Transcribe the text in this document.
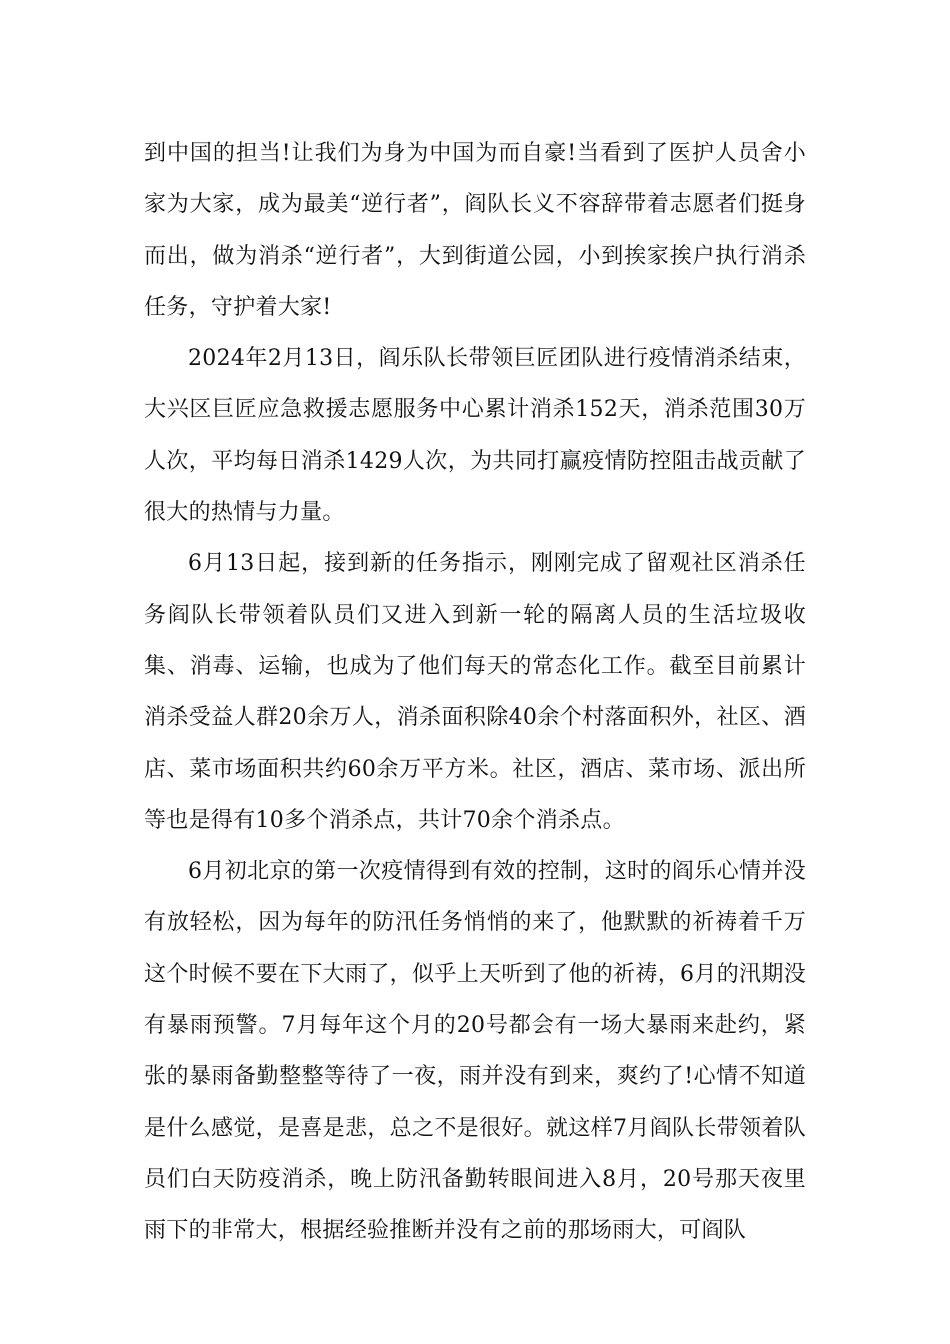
到中国的担当!让我们为身为中国为而自豪!当看到了医护人员舍小家为大家，成为最美“逆行者”，阎队长义不容辞带着志愿者们挺身而出，做为消杀“逆行者”，大到街道公园，小到挨家挨户执行消杀任务，守护着大家!

2024年2月13日，阎乐队长带领巨匠团队进行疫情消杀结束，大兴区巨匠应急救援志愿服务中心累计消杀152天，消杀范围30万人次，平均每日消杀1429人次，为共同打赢疫情防控阻击战贡献了很大的热情与力量。

6月13日起，接到新的任务指示，刚刚完成了留观社区消杀任务阎队长带领着队员们又进入到新一轮的隔离人员的生活垃圾收集、消毒、运输，也成为了他们每天的常态化工作。截至目前累计消杀受益人群20余万人，消杀面积除40余个村落面积外，社区、酒店、菜市场面积共约60余万平方米。社区，酒店、菜市场、派出所等也是得有10多个消杀点，共计70余个消杀点。

6月初北京的第一次疫情得到有效的控制，这时的阎乐心情并没有放轻松，因为每年的防汛任务悄悄的来了，他默默的祈祷着千万这个时候不要在下大雨了，似乎上天听到了他的祈祷，6月的汛期没有暴雨预警。7月每年这个月的20号都会有一场大暴雨来赴约，紧张的暴雨备勤整整等待了一夜，雨并没有到来，爽约了!心情不知道是什么感觉，是喜是悲，总之不是很好。就这样7月阎队长带领着队员们白天防疫消杀，晚上防汛备勤转眼间进入8月，20号那天夜里雨下的非常大，根据经验推断并没有之前的那场雨大，可阎队
